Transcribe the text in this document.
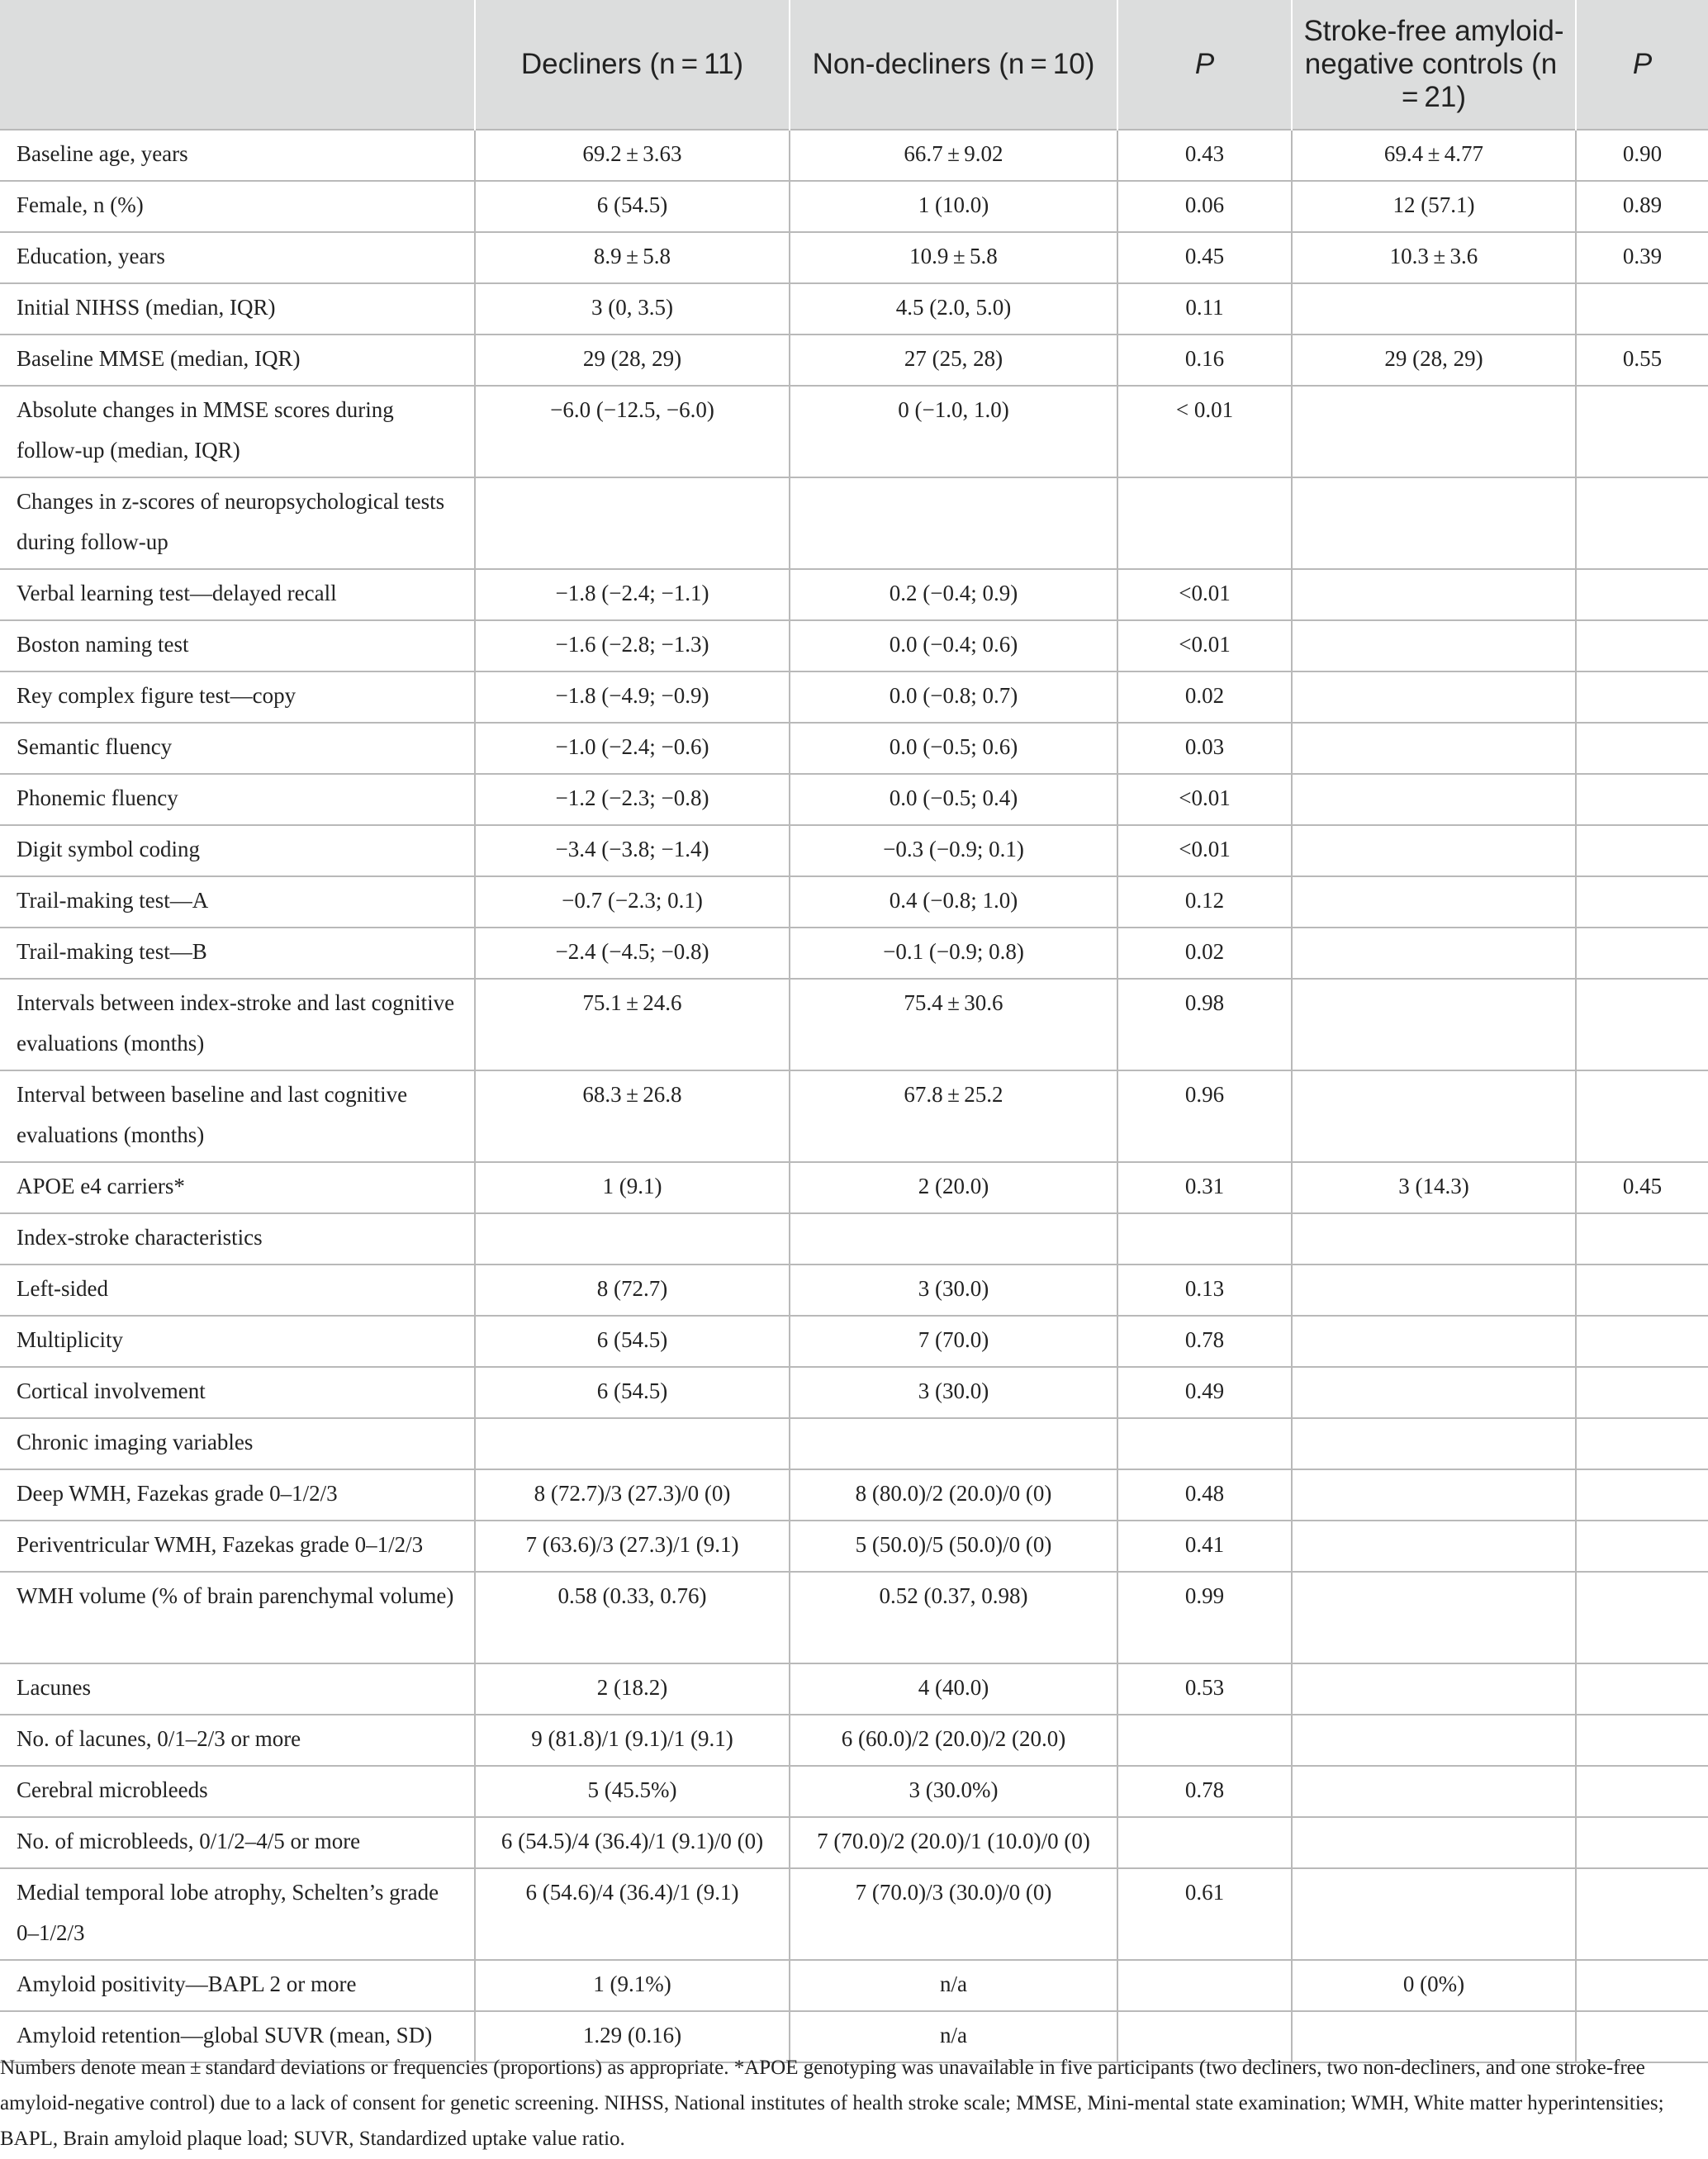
	Decliners (n = 11)	Non-decliners (n = 10)	P	Stroke-free amyloid-negative controls (n = 21)	P
Baseline age, years	69.2 ± 3.63	66.7 ± 9.02	0.43	69.4 ± 4.77	0.90
Female, n (%)	6 (54.5)	1 (10.0)	0.06	12 (57.1)	0.89
Education, years	8.9 ± 5.8	10.9 ± 5.8	0.45	10.3 ± 3.6	0.39
Initial NIHSS (median, IQR)	3 (0, 3.5)	4.5 (2.0, 5.0)	0.11		
Baseline MMSE (median, IQR)	29 (28, 29)	27 (25, 28)	0.16	29 (28, 29)	0.55
Absolute changes in MMSE scores during follow-up (median, IQR)	−6.0 (−12.5, −6.0)	0 (−1.0, 1.0)	< 0.01		
Changes in z-scores of neuropsychological tests during follow-up					
Verbal learning test—delayed recall	−1.8 (−2.4; −1.1)	0.2 (−0.4; 0.9)	<0.01		
Boston naming test	−1.6 (−2.8; −1.3)	0.0 (−0.4; 0.6)	<0.01		
Rey complex figure test—copy	−1.8 (−4.9; −0.9)	0.0 (−0.8; 0.7)	0.02		
Semantic fluency	−1.0 (−2.4; −0.6)	0.0 (−0.5; 0.6)	0.03		
Phonemic fluency	−1.2 (−2.3; −0.8)	0.0 (−0.5; 0.4)	<0.01		
Digit symbol coding	−3.4 (−3.8; −1.4)	−0.3 (−0.9; 0.1)	<0.01		
Trail-making test—A	−0.7 (−2.3; 0.1)	0.4 (−0.8; 1.0)	0.12		
Trail-making test—B	−2.4 (−4.5; −0.8)	−0.1 (−0.9; 0.8)	0.02		
Intervals between index-stroke and last cognitive evaluations (months)	75.1 ± 24.6	75.4 ± 30.6	0.98		
Interval between baseline and last cognitive evaluations (months)	68.3 ± 26.8	67.8 ± 25.2	0.96		
APOE e4 carriers*	1 (9.1)	2 (20.0)	0.31	3 (14.3)	0.45
Index-stroke characteristics					
Left-sided	8 (72.7)	3 (30.0)	0.13		
Multiplicity	6 (54.5)	7 (70.0)	0.78		
Cortical involvement	6 (54.5)	3 (30.0)	0.49		
Chronic imaging variables					
Deep WMH, Fazekas grade 0–1/2/3	8 (72.7)/3 (27.3)/0 (0)	8 (80.0)/2 (20.0)/0 (0)	0.48		
Periventricular WMH, Fazekas grade 0–1/2/3	7 (63.6)/3 (27.3)/1 (9.1)	5 (50.0)/5 (50.0)/0 (0)	0.41		
WMH volume (% of brain parenchymal volume)	0.58 (0.33, 0.76)	0.52 (0.37, 0.98)	0.99		
Lacunes	2 (18.2)	4 (40.0)	0.53		
No. of lacunes, 0/1–2/3 or more	9 (81.8)/1 (9.1)/1 (9.1)	6 (60.0)/2 (20.0)/2 (20.0)			
Cerebral microbleeds	5 (45.5%)	3 (30.0%)	0.78		
No. of microbleeds, 0/1/2–4/5 or more	6 (54.5)/4 (36.4)/1 (9.1)/0 (0)	7 (70.0)/2 (20.0)/1 (10.0)/0 (0)			
Medial temporal lobe atrophy, Schelten’s grade 0–1/2/3	6 (54.6)/4 (36.4)/1 (9.1)	7 (70.0)/3 (30.0)/0 (0)	0.61		
Amyloid positivity—BAPL 2 or more	1 (9.1%)	n/a		0 (0%)	
Amyloid retention—global SUVR (mean, SD)	1.29 (0.16)	n/a			
Numbers denote mean ± standard deviations or frequencies (proportions) as appropriate. *APOE genotyping was unavailable in five participants (two decliners, two non-decliners, and one stroke-free amyloid-negative control) due to a lack of consent for genetic screening. NIHSS, National institutes of health stroke scale; MMSE, Mini-mental state examination; WMH, White matter hyperintensities; BAPL, Brain amyloid plaque load; SUVR, Standardized uptake value ratio.
